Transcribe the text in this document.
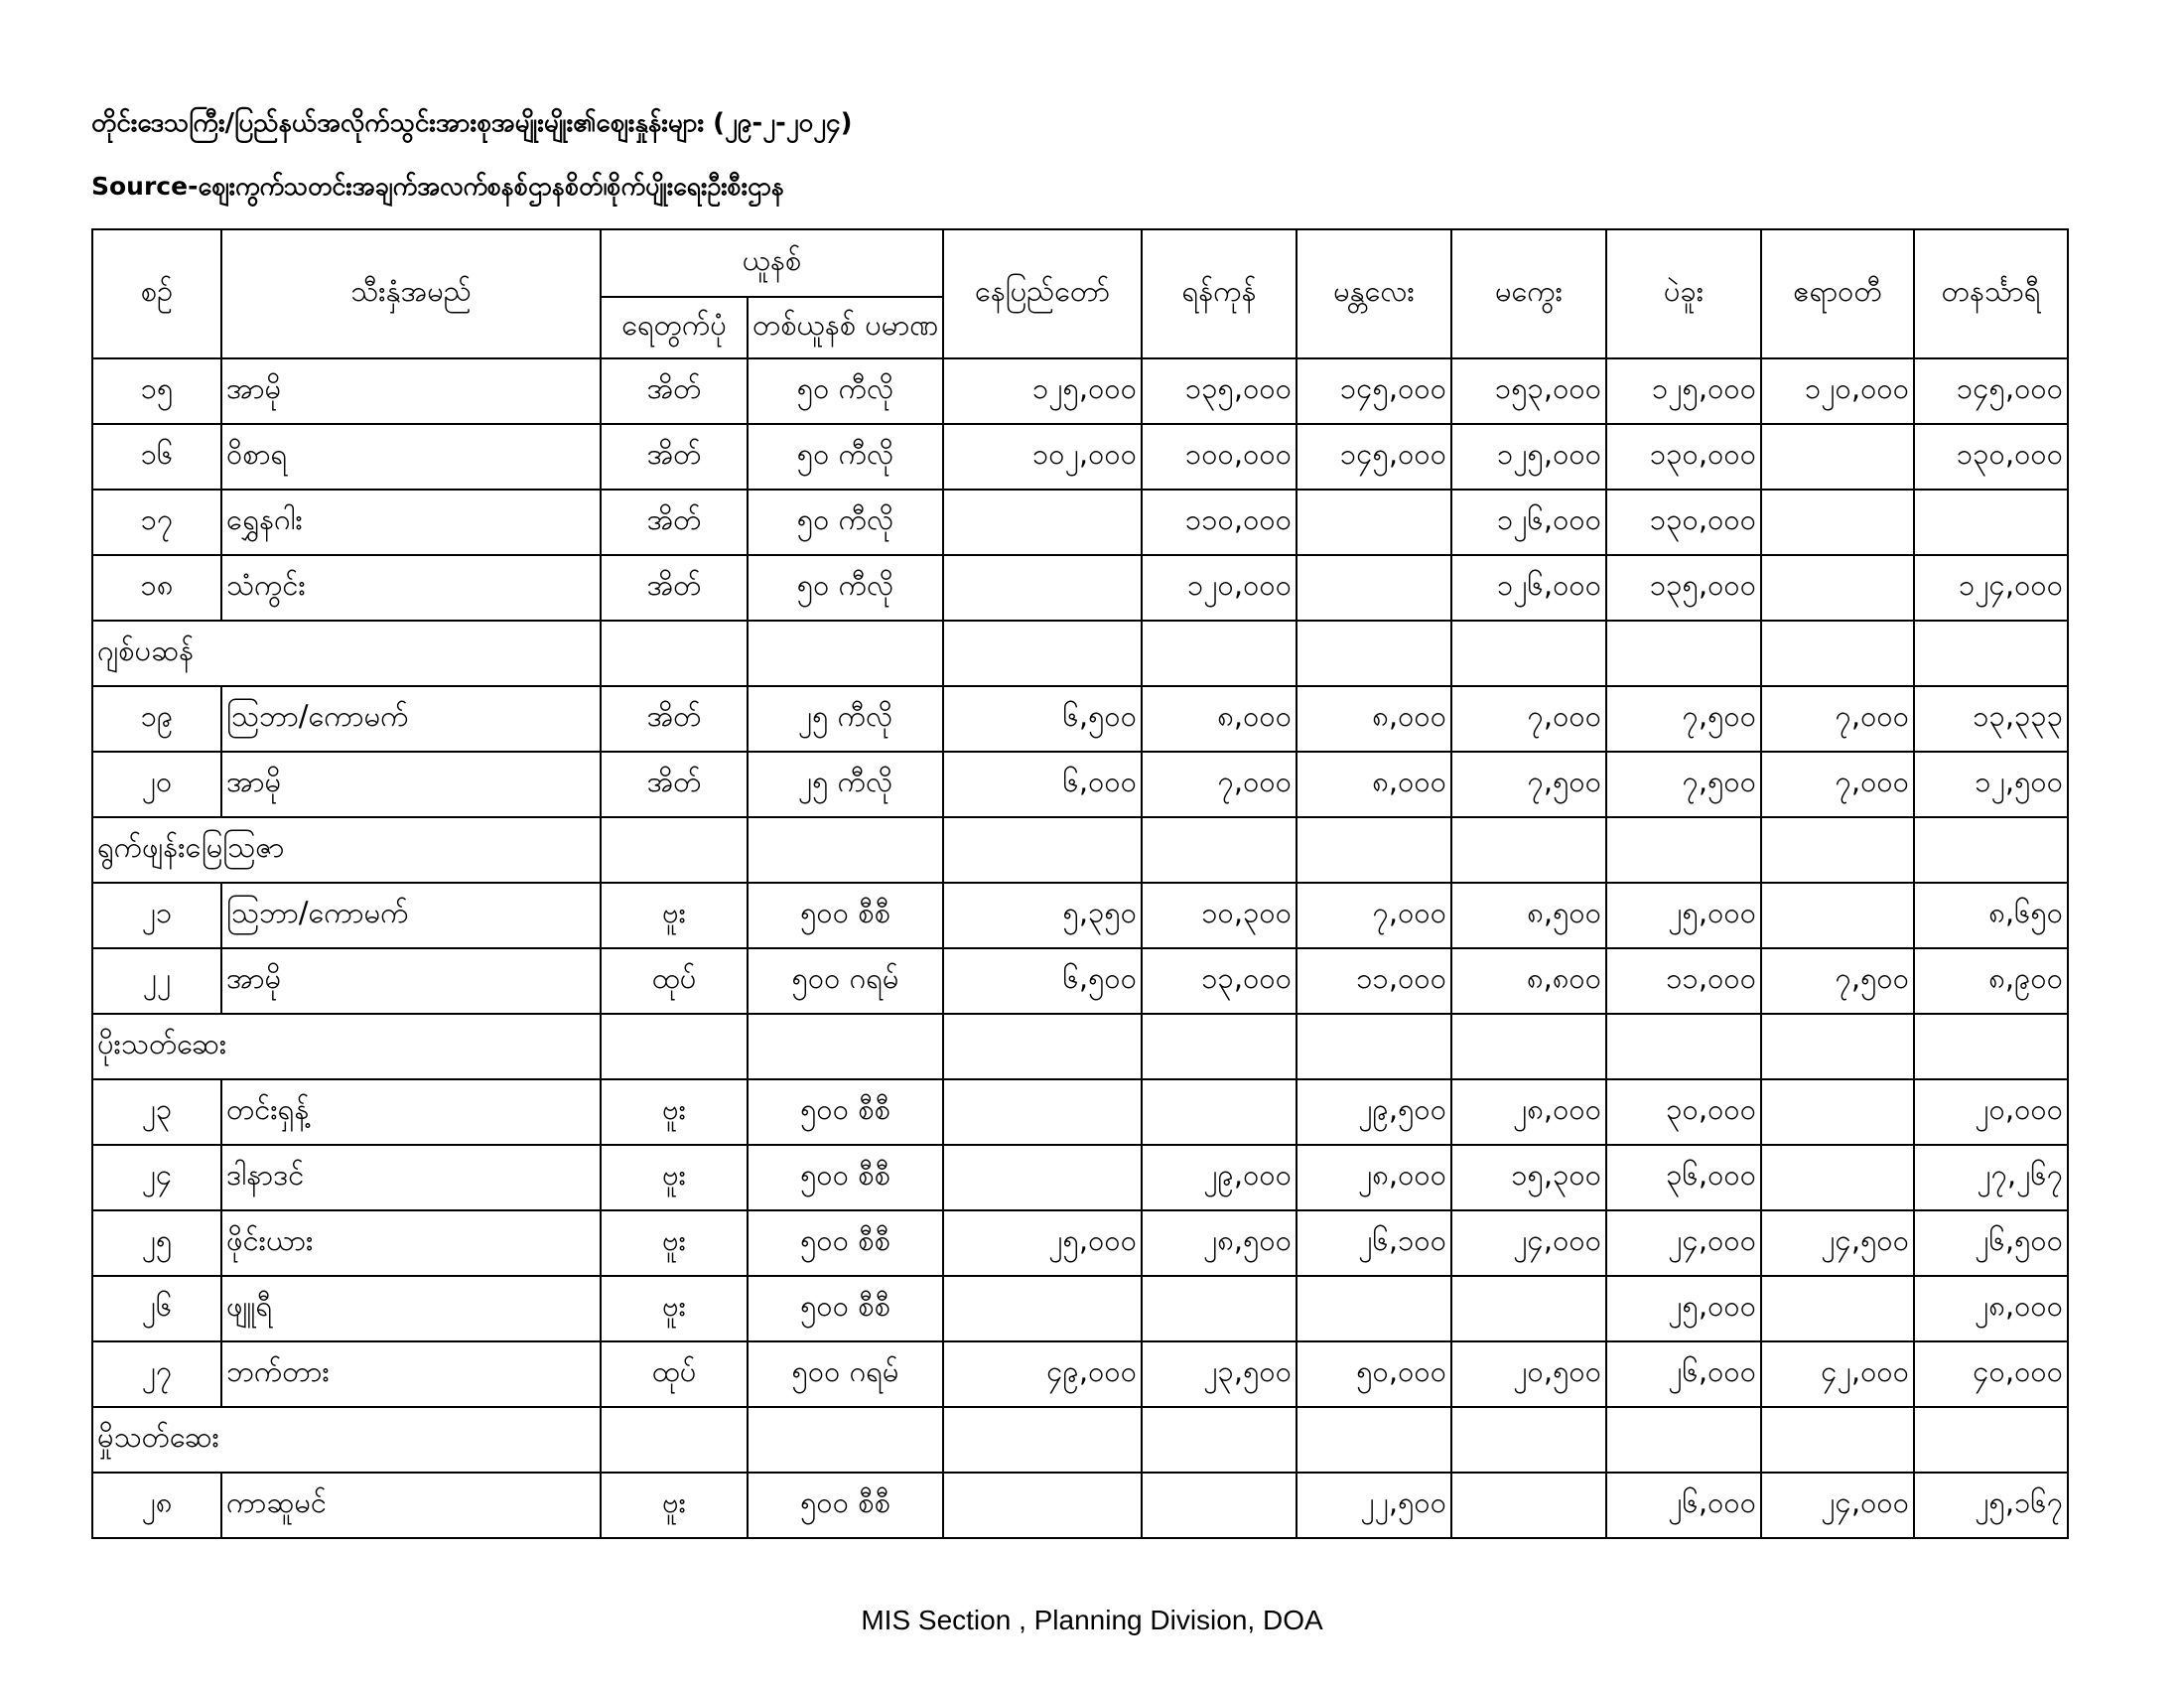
တိုင်းဒေသကြီး/ပြည်နယ်အလိုက်သွင်းအားစုအမျိုးမျိုး၏ဈေးနှုန်းများ (၂၉-၂-၂၀၂၄)
Source-ဈေးကွက်သတင်းအချက်အလက်စနစ်ဌာနစိတ်၊စိုက်ပျိုးရေးဦးစီးဌာန
စဉ်	သီးနှံအမည်	ယူနစ်		နေပြည်တော်	ရန်ကုန်	မန္တလေး	မကွေး	ပဲခူး	ဧရာဝတီ	တနင်္သာရီ
		ရေတွက်ပုံ	တစ်ယူနစ် ပမာဏ							
၁၅	အာမို	အိတ်	၅၀ ကီလို	၁၂၅,၀၀၀	၁၃၅,၀၀၀	၁၄၅,၀၀၀	၁၅၃,၀၀၀	၁၂၅,၀၀၀	၁၂၀,၀၀၀	၁၄၅,၀၀၀
၁၆	ဝိစာရ	အိတ်	၅၀ ကီလို	၁၀၂,၀၀၀	၁၀၀,၀၀၀	၁၄၅,၀၀၀	၁၂၅,၀၀၀	၁၃၀,၀၀၀		၁၃၀,၀၀၀
၁၇	ရွှေနဂါး	အိတ်	၅၀ ကီလို		၁၁၀,၀၀၀		၁၂၆,၀၀၀	၁၃၀,၀၀၀		
၁၈	သံကွင်း	အိတ်	၅၀ ကီလို		၁၂၀,၀၀၀		၁၂၆,၀၀၀	၁၃၅,၀၀၀		၁၂၄,၀၀၀
ဂျစ်ပဆန်										
၁၉	သြဘာ/ကောမက်	အိတ်	၂၅ ကီလို	၆,၅၀၀	၈,၀၀၀	၈,၀၀၀	၇,၀၀၀	၇,၅၀၀	၇,၀၀၀	၁၃,၃၃၃
၂၀	အာမို	အိတ်	၂၅ ကီလို	၆,၀၀၀	၇,၀၀၀	၈,၀၀၀	၇,၅၀၀	၇,၅၀၀	၇,၀၀၀	၁၂,၅၀၀
ရွက်ဖျန်းမြေသြဇာ										
၂၁	သြဘာ/ကောမက်	ဗူး	၅၀၀ စီစီ	၅,၃၅၀	၁၀,၃၀၀	၇,၀၀၀	၈,၅၀၀	၂၅,၀၀၀		၈,၆၅၀
၂၂	အာမို	ထုပ်	၅၀၀ ဂရမ်	၆,၅၀၀	၁၃,၀၀၀	၁၁,၀၀၀	၈,၈၀၀	၁၁,၀၀၀	၇,၅၀၀	၈,၉၀၀
ပိုးသတ်ဆေး										
၂၃	တင်းရှန့်	ဗူး	၅၀၀ စီစီ			၂၉,၅၀၀	၂၈,၀၀၀	၃၀,၀၀၀		၂၀,၀၀၀
၂၄	ဒါနာဒင်	ဗူး	၅၀၀ စီစီ		၂၉,၀၀၀	၂၈,၀၀၀	၁၅,၃၀၀	၃၆,၀၀၀		၂၇,၂၆၇
၂၅	ဖိုင်းယား	ဗူး	၅၀၀ စီစီ	၂၅,၀၀၀	၂၈,၅၀၀	၂၆,၁၀၀	၂၄,၀၀၀	၂၄,၀၀၀	၂၄,၅၀၀	၂၆,၅၀၀
၂၆	ဖျူရီ	ဗူး	၅၀၀ စီစီ					၂၅,၀၀၀		၂၈,၀၀၀
၂၇	ဘက်တား	ထုပ်	၅၀၀ ဂရမ်	၄၉,၀၀၀	၂၃,၅၀၀	၅၀,၀၀၀	၂၀,၅၀၀	၂၆,၀၀၀	၄၂,၀၀၀	၄၀,၀၀၀
မှိုသတ်ဆေး										
၂၈	ကာဆူမင်	ဗူး	၅၀၀ စီစီ			၂၂,၅၀၀		၂၆,၀၀၀	၂၄,၀၀၀	၂၅,၁၆၇
MIS Section , Planning Division, DOA
